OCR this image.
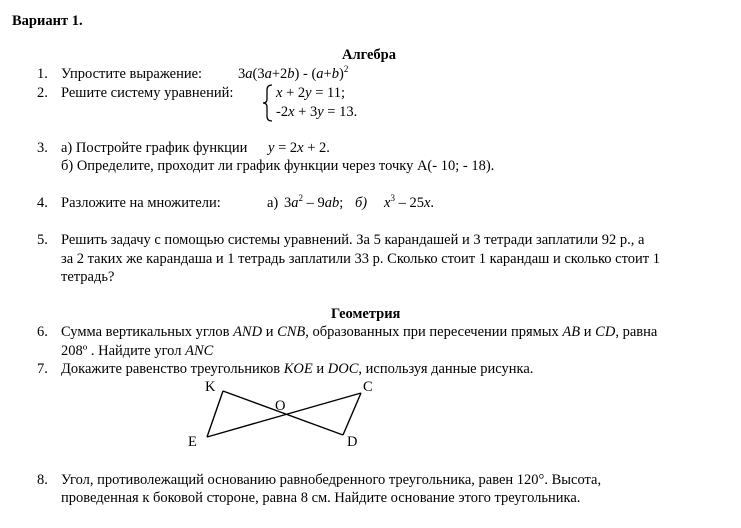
Вариант 1.
Алгебра
1. Упростите выражение: $3a(3a+2b) - (a+b)^2$
2. Решите систему уравнений:	x + 2y = 11;
-2x + 3y = 13.
3. а) Постройте график функции y = 2x + 2.
б) Определите, проходит ли график функции через точку A(- 10; - 18).
4. Разложите на множители:	а) $3a^2 - 9ab$; б) $x^3 - 25x$.
5. Решить задачу с помощью системы уравнений. За 5 карандашей и 3 тетради заплатили 92 р., а
за 2 таких же карандаша и 1 тетрадь заплатили 33 р. Сколько стоит 1 карандаш и сколько стоит 1
тетрадь?
Геометрия
6. Сумма вертикальных углов AND и CNB, образованных при пересечении прямых AB и CD, равна
208º . Найдите угол ANC
7. Докажите равенство треугольников KOE и DOC, используя данные рисунка.
K	C
O
E	D
8. Угол, противолежащий основанию равнобедренного треугольника, равен 120°. Высота,
проведенная к боковой стороне, равна 8 см. Найдите основание этого треугольника.
